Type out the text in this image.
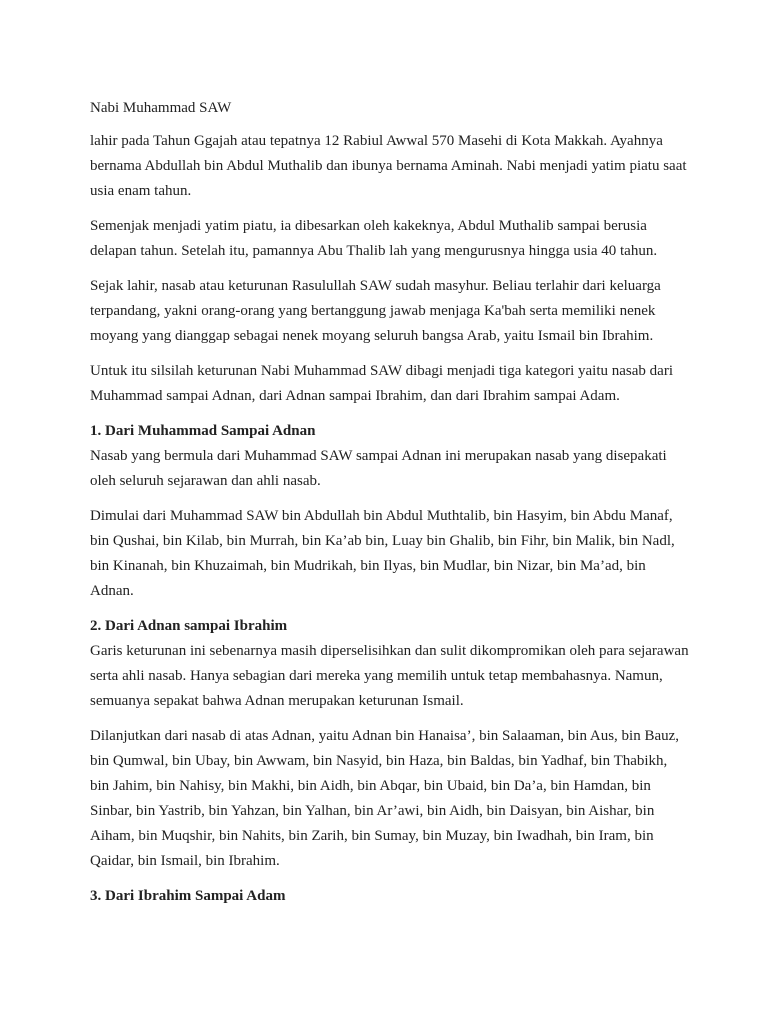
Nabi Muhammad SAW

lahir pada Tahun Ggajah atau tepatnya 12 Rabiul Awwal 570 Masehi di Kota Makkah. Ayahnya bernama Abdullah bin Abdul Muthalib dan ibunya bernama Aminah. Nabi menjadi yatim piatu saat usia enam tahun.

Semenjak menjadi yatim piatu, ia dibesarkan oleh kakeknya, Abdul Muthalib sampai berusia delapan tahun. Setelah itu, pamannya Abu Thalib lah yang mengurusnya hingga usia 40 tahun.

Sejak lahir, nasab atau keturunan Rasulullah SAW sudah masyhur. Beliau terlahir dari keluarga terpandang, yakni orang-orang yang bertanggung jawab menjaga Ka'bah serta memiliki nenek moyang yang dianggap sebagai nenek moyang seluruh bangsa Arab, yaitu Ismail bin Ibrahim.

Untuk itu silsilah keturunan Nabi Muhammad SAW dibagi menjadi tiga kategori yaitu nasab dari Muhammad sampai Adnan, dari Adnan sampai Ibrahim, dan dari Ibrahim sampai Adam.

1. Dari Muhammad Sampai Adnan

Nasab yang bermula dari Muhammad SAW sampai Adnan ini merupakan nasab yang disepakati oleh seluruh sejarawan dan ahli nasab.

Dimulai dari Muhammad SAW bin Abdullah bin Abdul Muthtalib, bin Hasyim, bin Abdu Manaf, bin Qushai, bin Kilab, bin Murrah, bin Ka’ab bin, Luay bin Ghalib, bin Fihr, bin Malik, bin Nadl, bin Kinanah, bin Khuzaimah, bin Mudrikah, bin Ilyas, bin Mudlar, bin Nizar, bin Ma’ad, bin Adnan.

2. Dari Adnan sampai Ibrahim

Garis keturunan ini sebenarnya masih diperselisihkan dan sulit dikompromikan oleh para sejarawan serta ahli nasab. Hanya sebagian dari mereka yang memilih untuk tetap membahasnya. Namun, semuanya sepakat bahwa Adnan merupakan keturunan Ismail.

Dilanjutkan dari nasab di atas Adnan, yaitu Adnan bin Hanaisa’, bin Salaaman, bin Aus, bin Bauz, bin Qumwal, bin Ubay, bin Awwam, bin Nasyid, bin Haza, bin Baldas, bin Yadhaf, bin Thabikh, bin Jahim, bin Nahisy, bin Makhi, bin Aidh, bin Abqar, bin Ubaid, bin Da’a, bin Hamdan, bin Sinbar, bin Yastrib, bin Yahzan, bin Yalhan, bin Ar’awi, bin Aidh, bin Daisyan, bin Aishar, bin Aiham, bin Muqshir, bin Nahits, bin Zarih, bin Sumay, bin Muzay, bin Iwadhah, bin Iram, bin Qaidar, bin Ismail, bin Ibrahim.

3. Dari Ibrahim Sampai Adam
